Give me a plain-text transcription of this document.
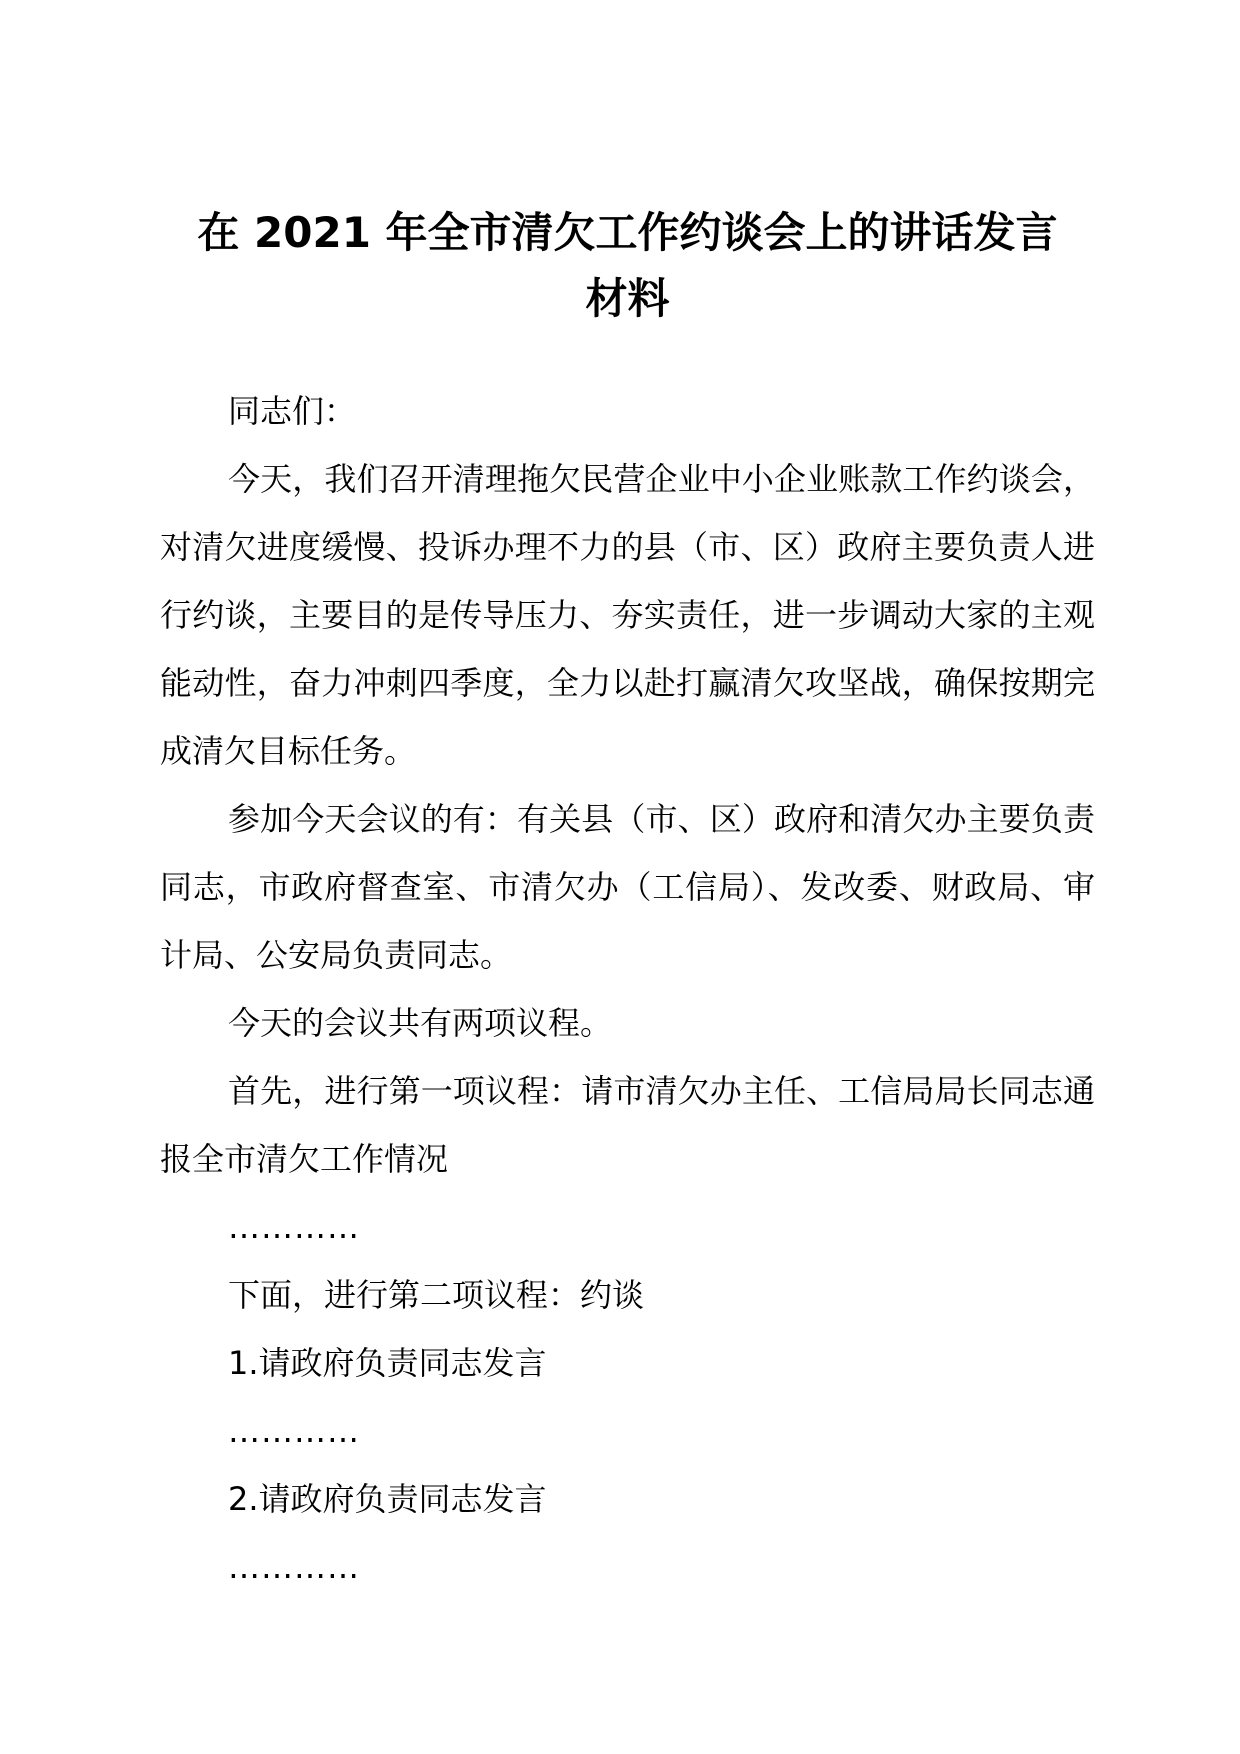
在 2021 年全市清欠工作约谈会上的讲话发言
材料

同志们：

今天，我们召开清理拖欠民营企业中小企业账款工作约谈会，对清欠进度缓慢、投诉办理不力的县（市、区）政府主要负责人进行约谈，主要目的是传导压力、夯实责任，进一步调动大家的主观能动性，奋力冲刺四季度，全力以赴打赢清欠攻坚战，确保按期完成清欠目标任务。

参加今天会议的有：有关县（市、区）政府和清欠办主要负责同志，市政府督查室、市清欠办（工信局）、发改委、财政局、审计局、公安局负责同志。

今天的会议共有两项议程。

首先，进行第一项议程：请市清欠办主任、工信局局长同志通报全市清欠工作情况

…………

下面，进行第二项议程：约谈

1.请政府负责同志发言

…………

2.请政府负责同志发言

…………
